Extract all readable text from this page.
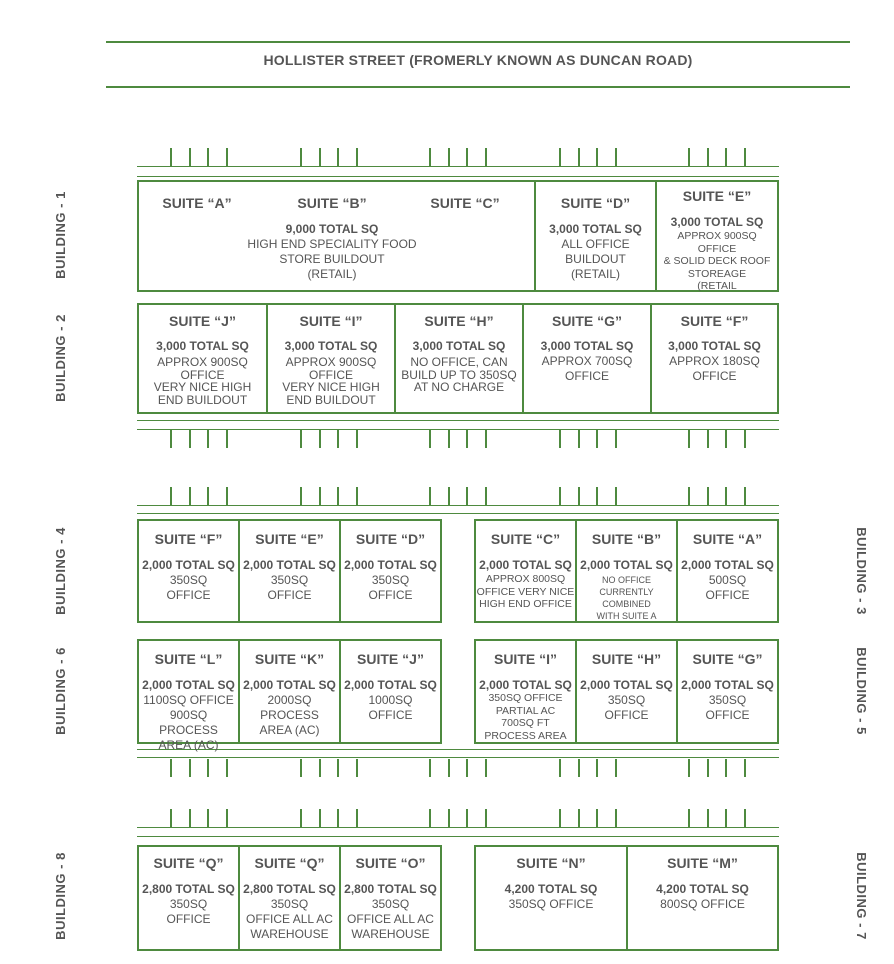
HOLLISTER STREET (FROMERLY KNOWN AS DUNCAN ROAD)
BUILDING - 1
BUILDING - 2
BUILDING - 4
BUILDING - 6
BUILDING - 8
BUILDING - 3
BUILDING - 5
BUILDING - 7
SUITE “A”	SUITE “C”
SUITE “B”
9,000 TOTAL SQ
HIGH END SPECIALITY FOOD
STORE BUILDOUT
(RETAIL)
SUITE “D”
3,000 TOTAL SQ
ALL OFFICE
BUILDOUT
(RETAIL)
SUITE “E”
3,000 TOTAL SQ
APPROX 900SQ OFFICE
& SOLID DECK ROOF
STOREAGE
(RETAIL
SUITE “J”
3,000 TOTAL SQ
APPROX 900SQ
OFFICE
VERY NICE HIGH
END BUILDOUT
SUITE “I”
3,000 TOTAL SQ
APPROX 900SQ
OFFICE
VERY NICE HIGH
END BUILDOUT
SUITE “H”
3,000 TOTAL SQ
NO OFFICE, CAN
BUILD UP TO 350SQ
AT NO CHARGE
SUITE “G”
3,000 TOTAL SQ
APPROX 700SQ
OFFICE
SUITE “F”
3,000 TOTAL SQ
APPROX 180SQ
OFFICE
SUITE “F”
2,000 TOTAL SQ
350SQ
OFFICE
SUITE “E”
2,000 TOTAL SQ
350SQ
OFFICE
SUITE “D”
2,000 TOTAL SQ
350SQ
OFFICE
SUITE “C”
2,000 TOTAL SQ
APPROX 800SQ
OFFICE VERY NICE
HIGH END OFFICE
SUITE “B”
2,000 TOTAL SQ
NO OFFICE
CURRENTLY COMBINED
WITH SUITE A
SUITE “A”
2,000 TOTAL SQ
500SQ
OFFICE
SUITE “L”
2,000 TOTAL SQ
1100SQ OFFICE
900SQ PROCESS
AREA (AC)
SUITE “K”
2,000 TOTAL SQ
2000SQ
PROCESS
AREA (AC)
SUITE “J”
2,000 TOTAL SQ
1000SQ
OFFICE
SUITE “I”
2,000 TOTAL SQ
350SQ OFFICE
PARTIAL AC
700SQ FT
PROCESS AREA
SUITE “H”
2,000 TOTAL SQ
350SQ
OFFICE
SUITE “G”
2,000 TOTAL SQ
350SQ
OFFICE
SUITE “Q”
2,800 TOTAL SQ
350SQ
OFFICE
SUITE “Q”
2,800 TOTAL SQ
350SQ
OFFICE ALL AC
WAREHOUSE
SUITE “O”
2,800 TOTAL SQ
350SQ
OFFICE ALL AC
WAREHOUSE
SUITE “N”
4,200 TOTAL SQ
350SQ OFFICE
SUITE “M”
4,200 TOTAL SQ
800SQ OFFICE
